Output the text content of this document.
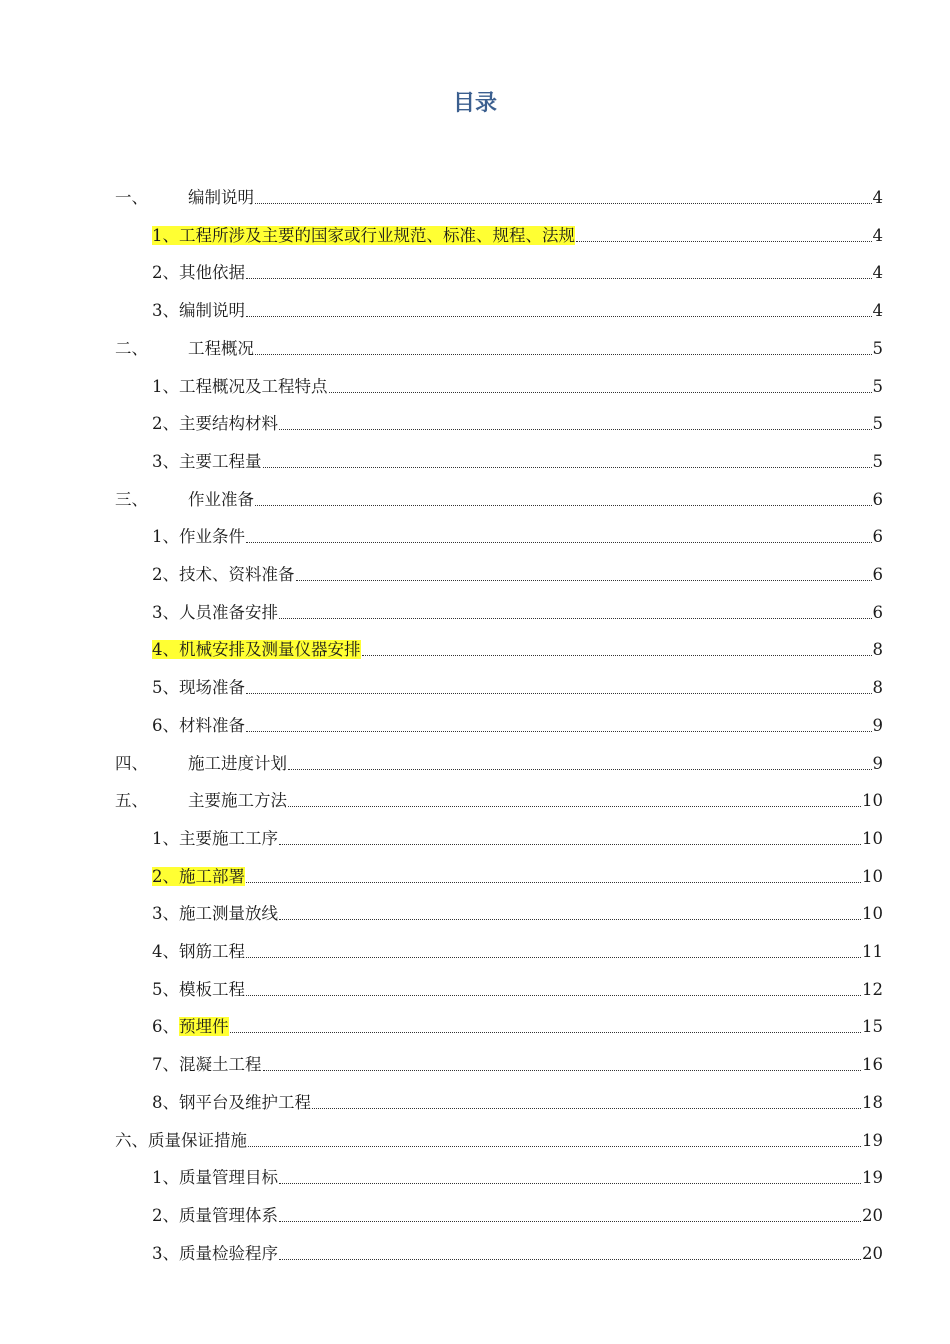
目录
一、 编制说明	4
1、工程所涉及主要的国家或行业规范、标准、规程、法规	4
2、其他依据	4
3、编制说明	4
二、 工程概况	5
1、工程概况及工程特点	5
2、主要结构材料	5
3、主要工程量	5
三、 作业准备	6
1、作业条件	6
2、技术、资料准备	6
3、人员准备安排	6
4、机械安排及测量仪器安排	8
5、现场准备	8
6、材料准备	9
四、 施工进度计划	9
五、 主要施工方法	10
1、主要施工工序	10
2、施工部署	10
3、施工测量放线	10
4、钢筋工程	11
5、模板工程	12
6、预埋件	15
7、混凝土工程	16
8、钢平台及维护工程	18
六、质量保证措施	19
1、质量管理目标	19
2、质量管理体系	20
3、质量检验程序	20
